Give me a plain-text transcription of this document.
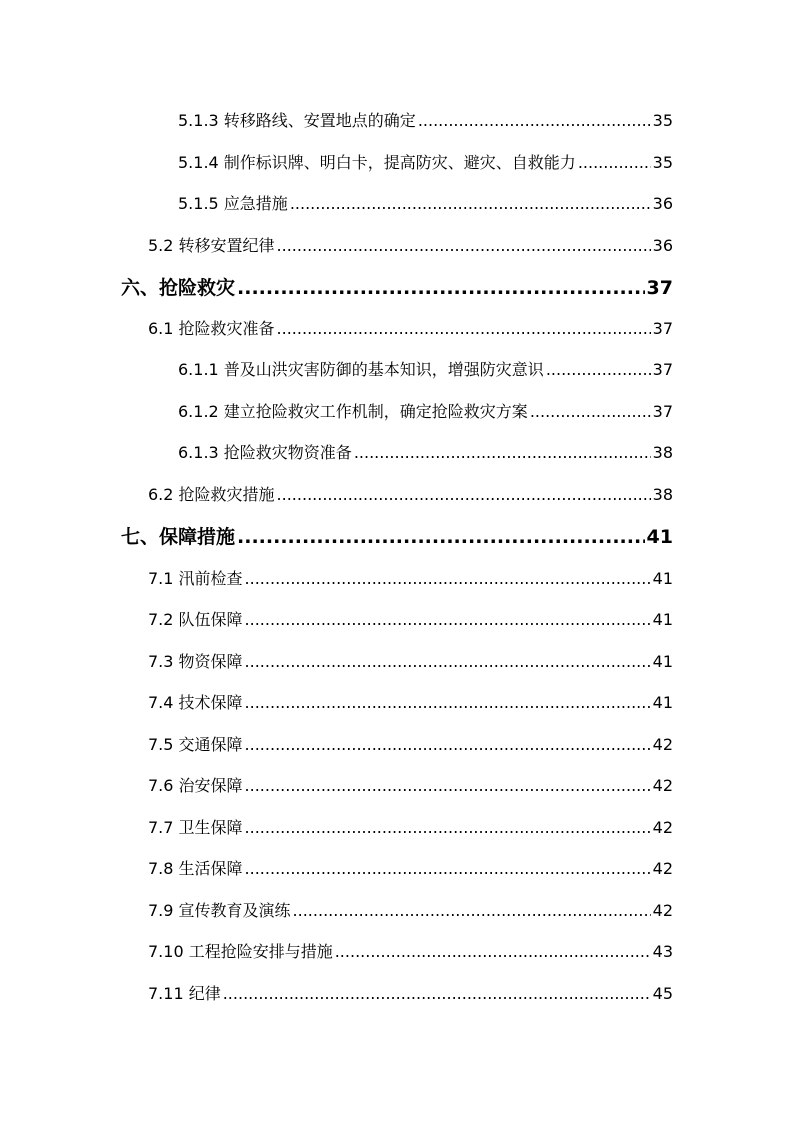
5.1.3 转移路线、安置地点的确定 .....	35
5.1.4 制作标识牌、明白卡，提高防灾、避灾、自救能力 .....	35
5.1.5 应急措施 .....	36
5.2 转移安置纪律 .....	36
六、抢险救灾 .....	37
6.1 抢险救灾准备 .....	37
6.1.1 普及山洪灾害防御的基本知识，增强防灾意识 .....	37
6.1.2 建立抢险救灾工作机制，确定抢险救灾方案 .....	37
6.1.3 抢险救灾物资准备 .....	38
6.2 抢险救灾措施 .....	38
七、保障措施 .....	41
7.1 汛前检查 .....	41
7.2 队伍保障 .....	41
7.3 物资保障 .....	41
7.4 技术保障 .....	41
7.5 交通保障 .....	42
7.6 治安保障 .....	42
7.7 卫生保障 .....	42
7.8 生活保障 .....	42
7.9 宣传教育及演练 .....	42
7.10 工程抢险安排与措施 .....	43
7.11 纪律 .....	45
